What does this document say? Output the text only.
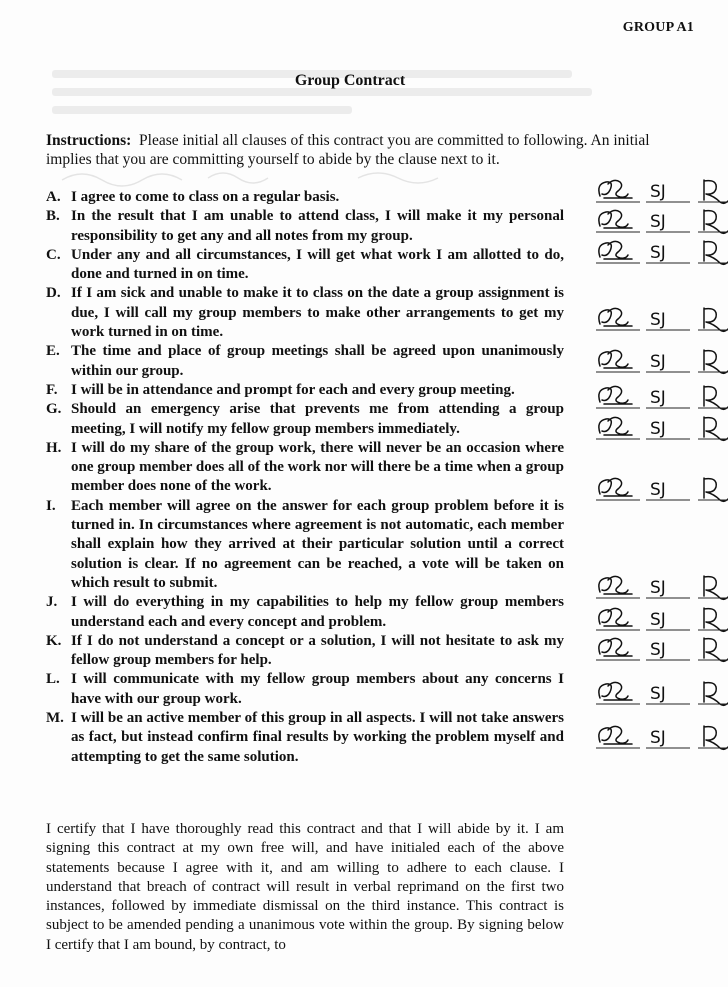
GROUP A1
Group Contract
Instructions: Please initial all clauses of this contract you are committed to following. An initial implies that you are committing yourself to abide by the clause next to it.
A. I agree to come to class on a regular basis.
B. In the result that I am unable to attend class, I will make it my personal responsibility to get any and all notes from my group.
C. Under any and all circumstances, I will get what work I am allotted to do, done and turned in on time.
D. If I am sick and unable to make it to class on the date a group assignment is due, I will call my group members to make other arrangements to get my work turned in on time.
E. The time and place of group meetings shall be agreed upon unanimously within our group.
F. I will be in attendance and prompt for each and every group meeting.
G. Should an emergency arise that prevents me from attending a group meeting, I will notify my fellow group members immediately.
H. I will do my share of the group work, there will never be an occasion where one group member does all of the work nor will there be a time when a group member does none of the work.
I.	Each member will agree on the answer for each group problem before it is turned in. In circumstances where agreement is not automatic, each member shall explain how they arrived at their particular solution until a correct solution is clear. If no agreement can be reached, a vote will be taken on which result to submit.
J. I will do everything in my capabilities to help my fellow group members understand each and every concept and problem.
K. If I do not understand a concept or a solution, I will not hesitate to ask my fellow group members for help.
L. I will communicate with my fellow group members about any concerns I have with our group work.
M. I will be an active member of this group in all aspects. I will not take answers as fact, but instead confirm final results by working the problem myself and attempting to get the same solution.
I certify that I have thoroughly read this contract and that I will abide by it. I am signing this contract at my own free will, and have initialed each of the above statements because I agree with it, and am willing to adhere to each clause. I understand that breach of contract will result in verbal reprimand on the first two instances, followed by immediate dismissal on the third instance. This contract is subject to be amended pending a unanimous vote within the group. By signing below I certify that I am bound, by contract, to
